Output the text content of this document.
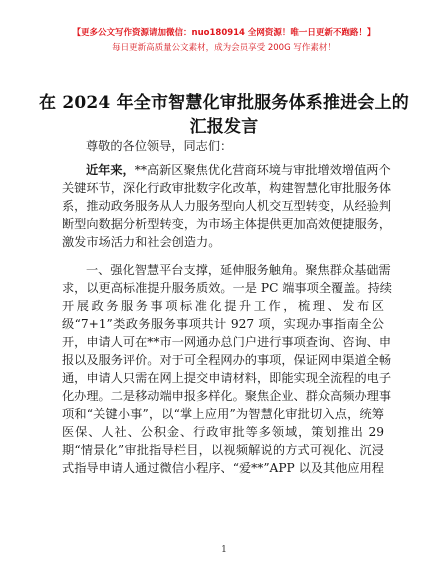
【更多公文写作资源请加微信：nuo180914 全网资源！唯一日更新不跑路！】
每日更新高质量公文素材，成为会员享受 200G 写作素材！
在 2024 年全市智慧化审批服务体系推进会上的
汇报发言
尊敬的各位领导，同志们：
近年来，**高新区聚焦优化营商环境与审批增效增值两个
关键环节，深化行政审批数字化改革，构建智慧化审批服务体
系，推动政务服务从人力服务型向人机交互型转变，从经验判
断型向数据分析型转变，为市场主体提供更加高效便捷服务，
激发市场活力和社会创造力。
一、强化智慧平台支撑，延伸服务触角。聚焦群众基础需
求，以更高标准提升服务质效。一是 PC 端事项全覆盖。持续
开展政务服务事项标准化提升工作，梳理、发布区
级“7+1”类政务服务事项共计 927 项，实现办事指南全公
开，申请人可在**市一网通办总门户进行事项查询、咨询、申
报以及服务评价。对于可全程网办的事项，保证网申渠道全畅
通，申请人只需在网上提交申请材料，即能实现全流程的电子
化办理。二是移动端申报多样化。聚焦企业、群众高频办理事
项和“关键小事”，以“掌上应用”为智慧化审批切入点，统筹
医保、人社、公积金、行政审批等多领域，策划推出 29
期“情景化”审批指导栏目，以视频解说的方式可视化、沉浸
式指导申请人通过微信小程序、“爱**”APP 以及其他应用程
1
